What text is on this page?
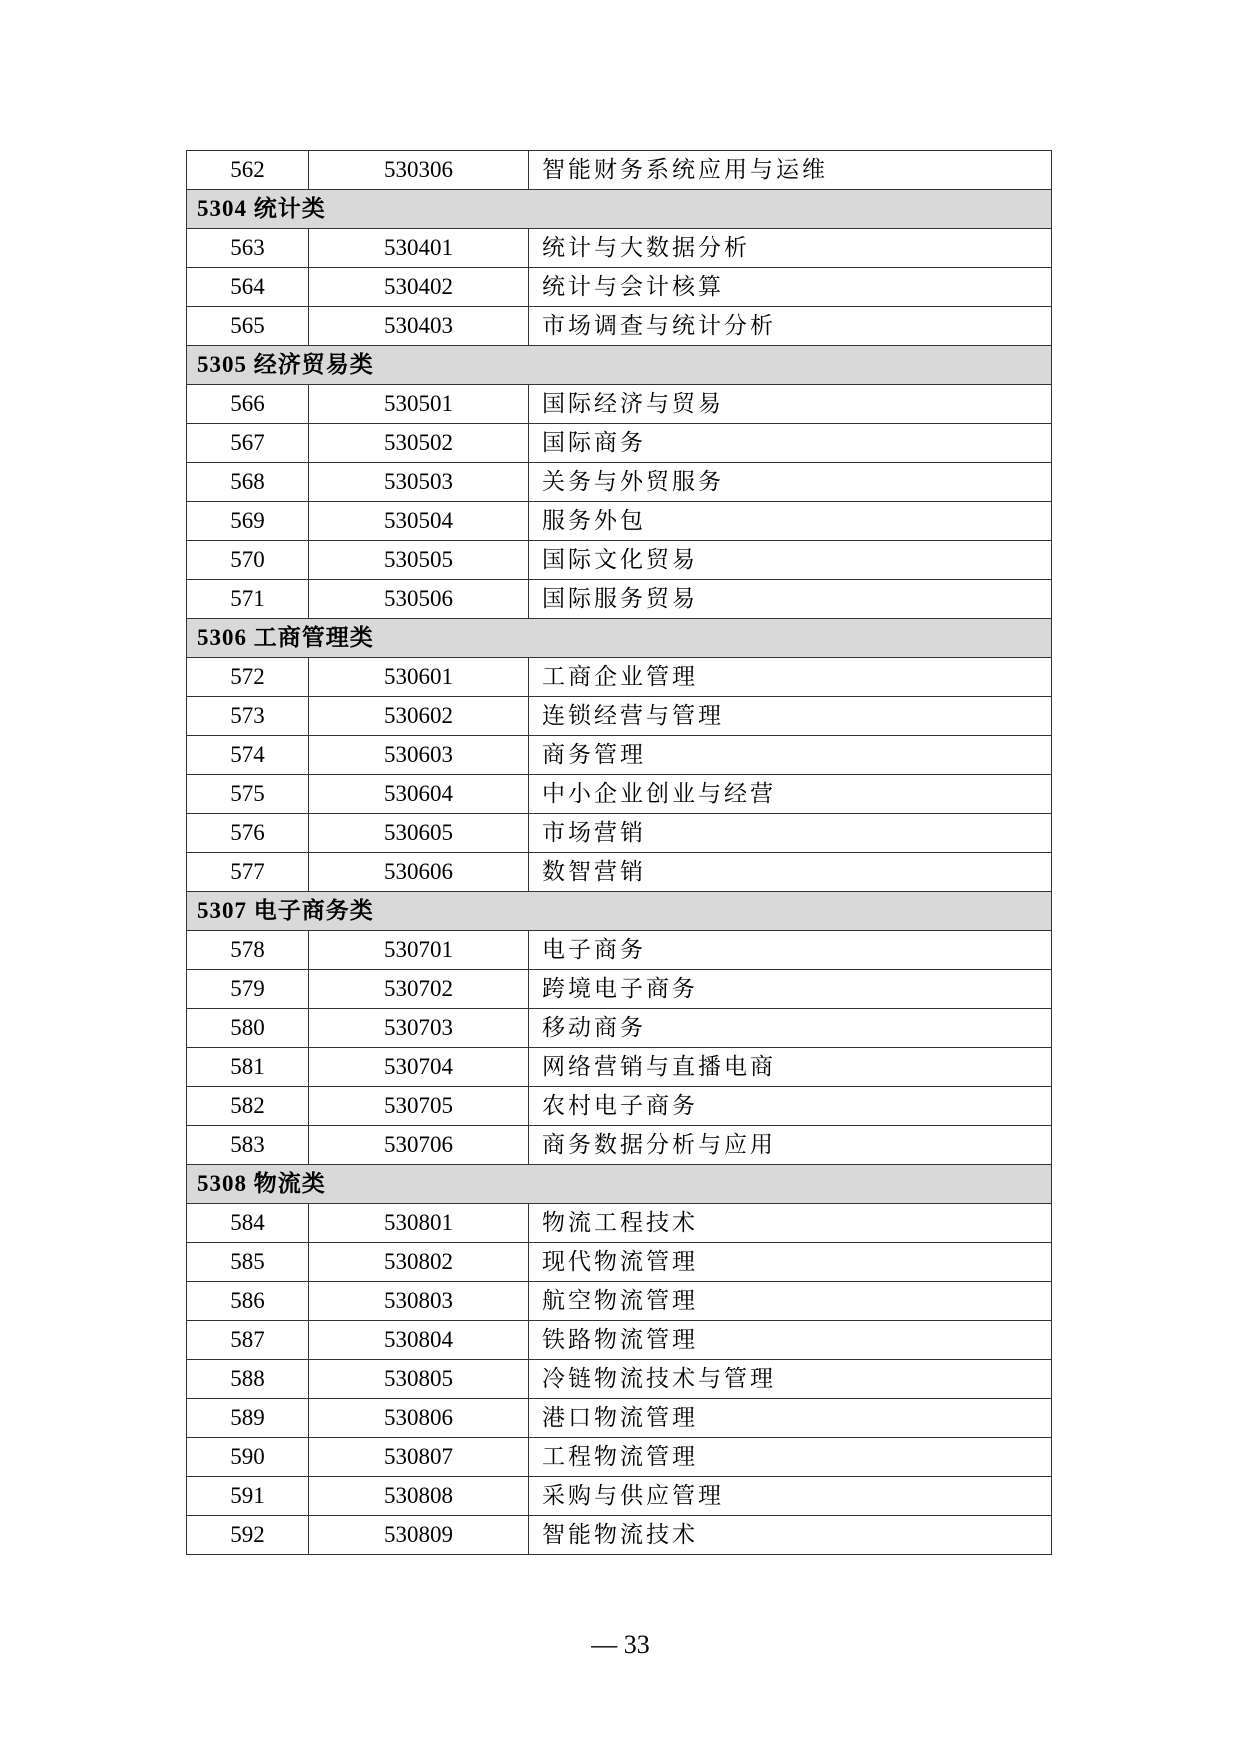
562	530306	智能财务系统应用与运维
5304 统计类		
563	530401	统计与大数据分析
564	530402	统计与会计核算
565	530403	市场调查与统计分析
5305 经济贸易类		
566	530501	国际经济与贸易
567	530502	国际商务
568	530503	关务与外贸服务
569	530504	服务外包
570	530505	国际文化贸易
571	530506	国际服务贸易
5306 工商管理类		
572	530601	工商企业管理
573	530602	连锁经营与管理
574	530603	商务管理
575	530604	中小企业创业与经营
576	530605	市场营销
577	530606	数智营销
5307 电子商务类		
578	530701	电子商务
579	530702	跨境电子商务
580	530703	移动商务
581	530704	网络营销与直播电商
582	530705	农村电子商务
583	530706	商务数据分析与应用
5308 物流类		
584	530801	物流工程技术
585	530802	现代物流管理
586	530803	航空物流管理
587	530804	铁路物流管理
588	530805	冷链物流技术与管理
589	530806	港口物流管理
590	530807	工程物流管理
591	530808	采购与供应管理
592	530809	智能物流技术
— 33
